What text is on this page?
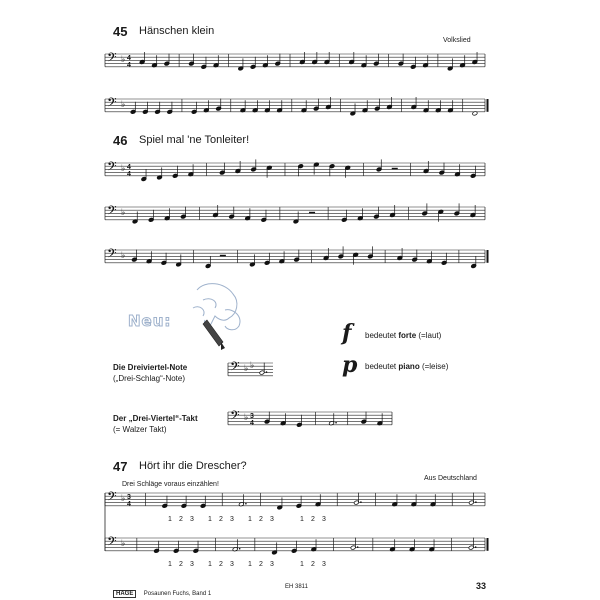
45 Hänschen klein
Volkslied
46 Spiel mal 'ne Tonleiter!
Neu:
Die Dreiviertel-Note
(„Drei-Schlag“-Note)
Der „Drei-Viertel“-Takt
(= Walzer Takt)
f bedeutet forte (=laut)
p bedeutet piano (=leise)
47 Hört ihr die Drescher?
Drei Schläge voraus einzählen!
Aus Deutschland
HAGE Posaunen Fuchs, Band 1
EH 3811	33
𝄢 ♭ 4
4
𝄢 ♭
𝄢 ♭ 4
4
𝄢 ♭
𝄢 ♭
𝄢 ♭ ♭
𝄢 ♭ 3
4
𝄢 ♭ 3
4
𝄢 ♭
1 2 3 1 2 3 1 2 3	1 2 3
1 2 3 1 2 3 1 2 3	1 2 3
